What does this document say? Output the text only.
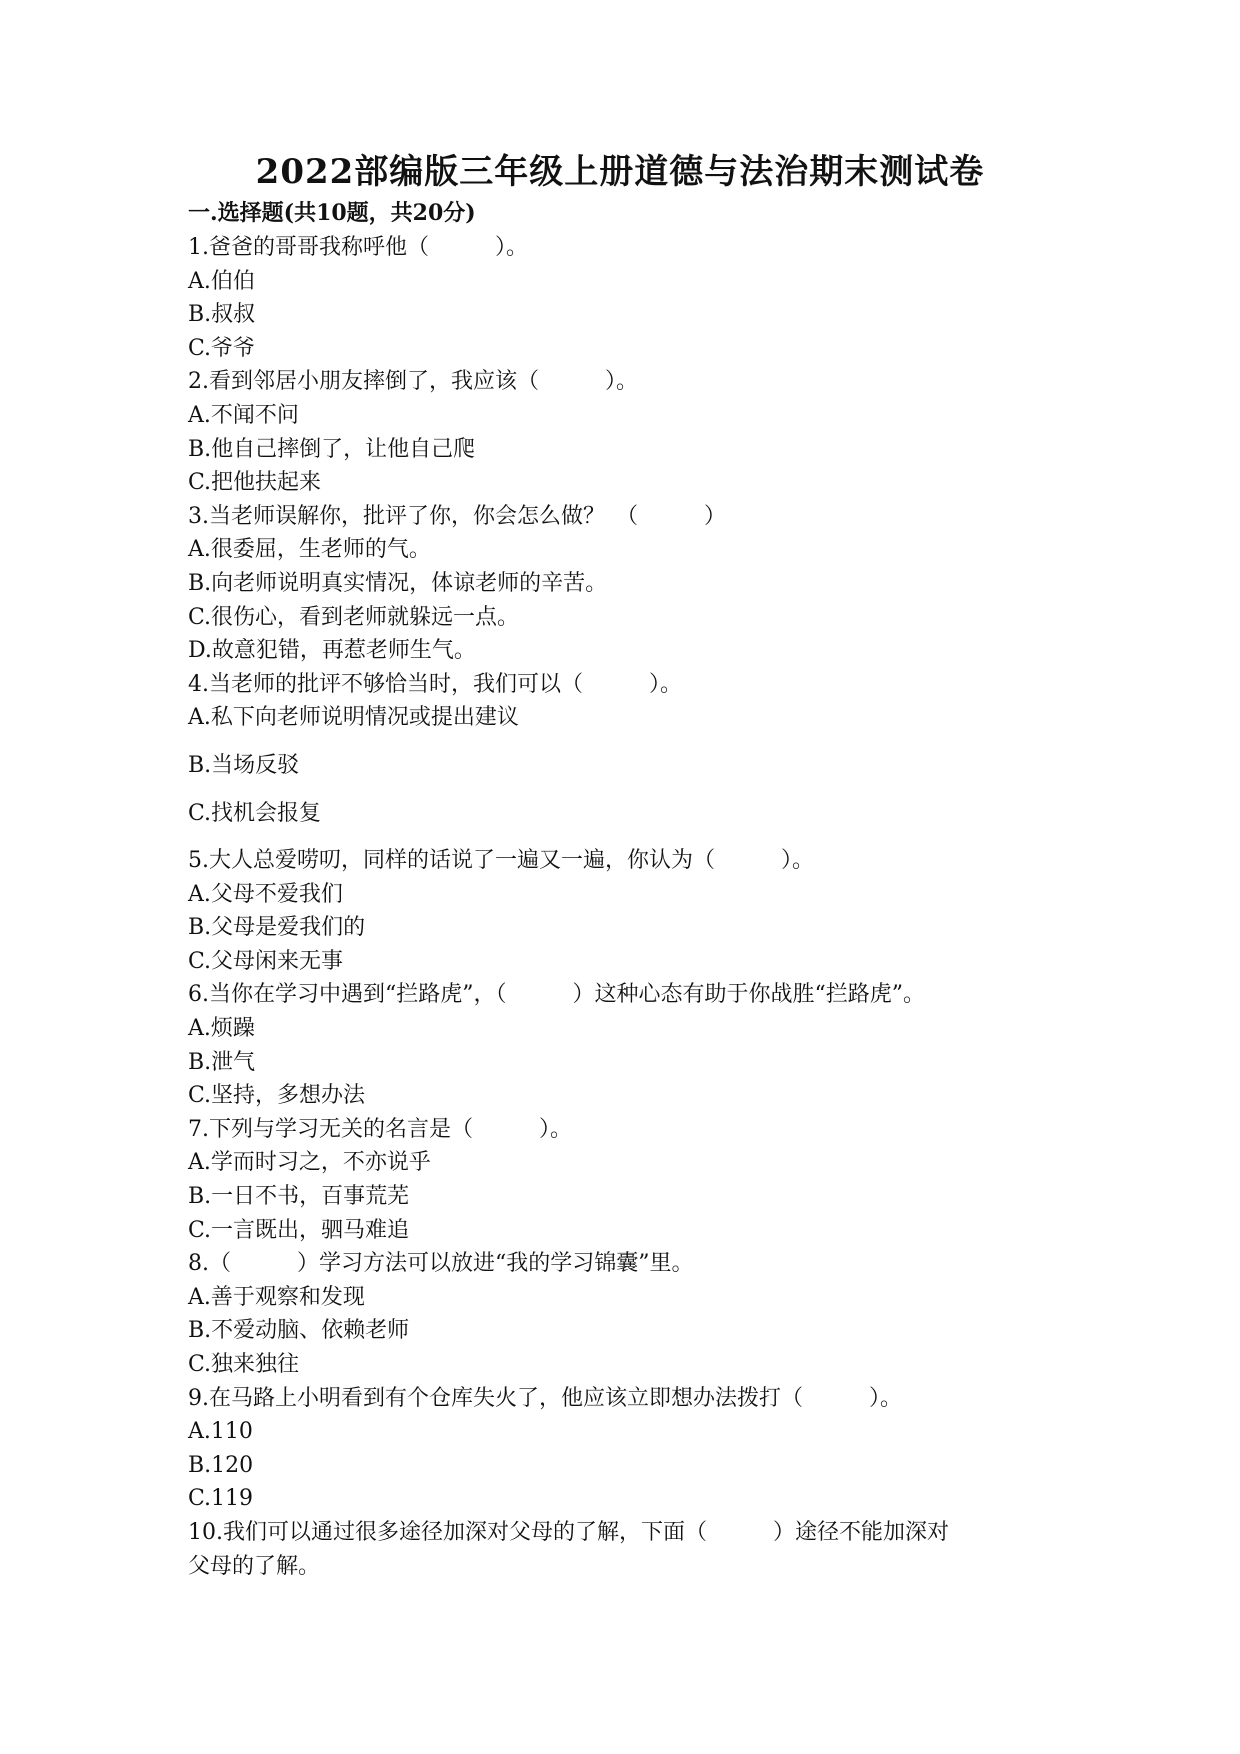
2022部编版三年级上册道德与法治期末测试卷
一.选择题(共10题，共20分)
1.爸爸的哥哥我称呼他（　　　）。
A.伯伯
B.叔叔
C.爷爷
2.看到邻居小朋友摔倒了，我应该（　　　）。
A.不闻不问
B.他自己摔倒了，让他自己爬
C.把他扶起来
3.当老师误解你，批评了你，你会怎么做？　（　　　）
A.很委屈，生老师的气。
B.向老师说明真实情况，体谅老师的辛苦。
C.很伤心，看到老师就躲远一点。
D.故意犯错，再惹老师生气。
4.当老师的批评不够恰当时，我们可以（　　　）。
A.私下向老师说明情况或提出建议
B.当场反驳
C.找机会报复
5.大人总爱唠叨，同样的话说了一遍又一遍，你认为（　　　）。
A.父母不爱我们
B.父母是爱我们的
C.父母闲来无事
6.当你在学习中遇到“拦路虎”，（　　　）这种心态有助于你战胜“拦路虎”。
A.烦躁
B.泄气
C.坚持，多想办法
7.下列与学习无关的名言是（　　　）。
A.学而时习之，不亦说乎
B.一日不书，百事荒芜
C.一言既出，驷马难追
8.（　　　）学习方法可以放进“我的学习锦囊”里。
A.善于观察和发现
B.不爱动脑、依赖老师
C.独来独往
9.在马路上小明看到有个仓库失火了，他应该立即想办法拨打（　　　）。
A.110
B.120
C.119
10.我们可以通过很多途径加深对父母的了解，下面（　　　）途径不能加深对
父母的了解。
